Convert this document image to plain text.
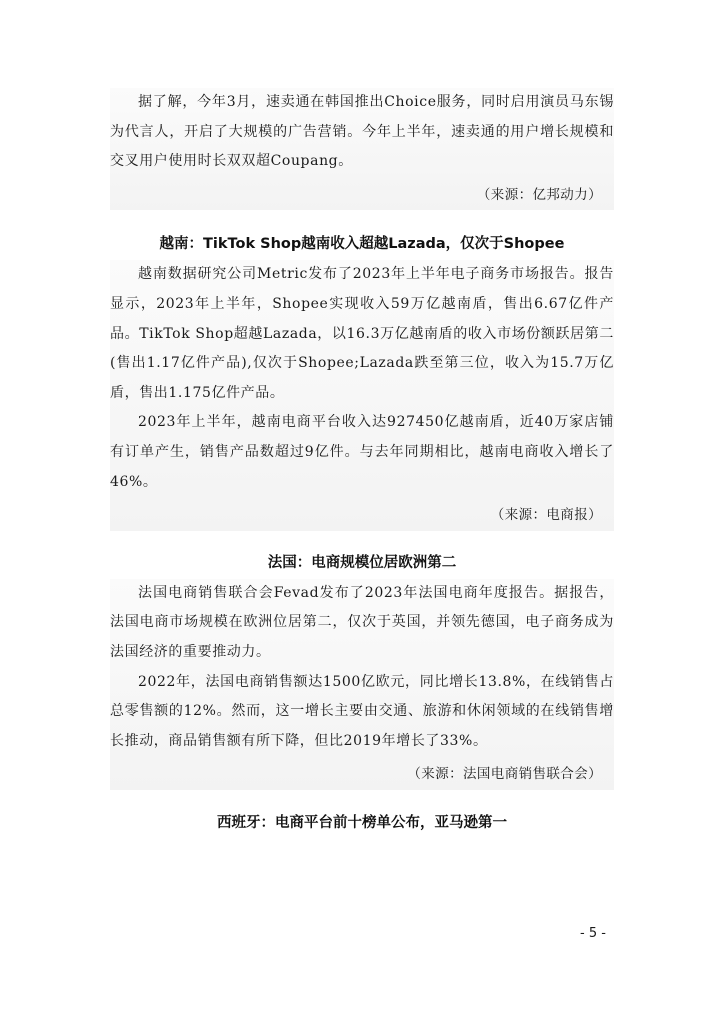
据了解，今年3月，速卖通在韩国推出Choice服务，同时启用演员马东锡为代言人，开启了大规模的广告营销。今年上半年，速卖通的用户增长规模和交叉用户使用时长双双超Coupang。

（来源：亿邦动力）
越南：TikTok Shop越南收入超越Lazada，仅次于Shopee

越南数据研究公司Metric发布了2023年上半年电子商务市场报告。报告显示，2023年上半年，Shopee实现收入59万亿越南盾，售出6.67亿件产品。TikTok Shop超越Lazada，以16.3万亿越南盾的收入市场份额跃居第二(售出1.17亿件产品),仅次于Shopee;Lazada跌至第三位，收入为15.7万亿盾，售出1.175亿件产品。

2023年上半年，越南电商平台收入达927450亿越南盾，近40万家店铺有订单产生，销售产品数超过9亿件。与去年同期相比，越南电商收入增长了46%。

（来源：电商报）
法国：电商规模位居欧洲第二

法国电商销售联合会Fevad发布了2023年法国电商年度报告。据报告，法国电商市场规模在欧洲位居第二，仅次于英国，并领先德国，电子商务成为法国经济的重要推动力。

2022年，法国电商销售额达1500亿欧元，同比增长13.8%，在线销售占总零售额的12%。然而，这一增长主要由交通、旅游和休闲领域的在线销售增长推动，商品销售额有所下降，但比2019年增长了33%。

（来源：法国电商销售联合会）
西班牙：电商平台前十榜单公布，亚马逊第一
- 5 -
